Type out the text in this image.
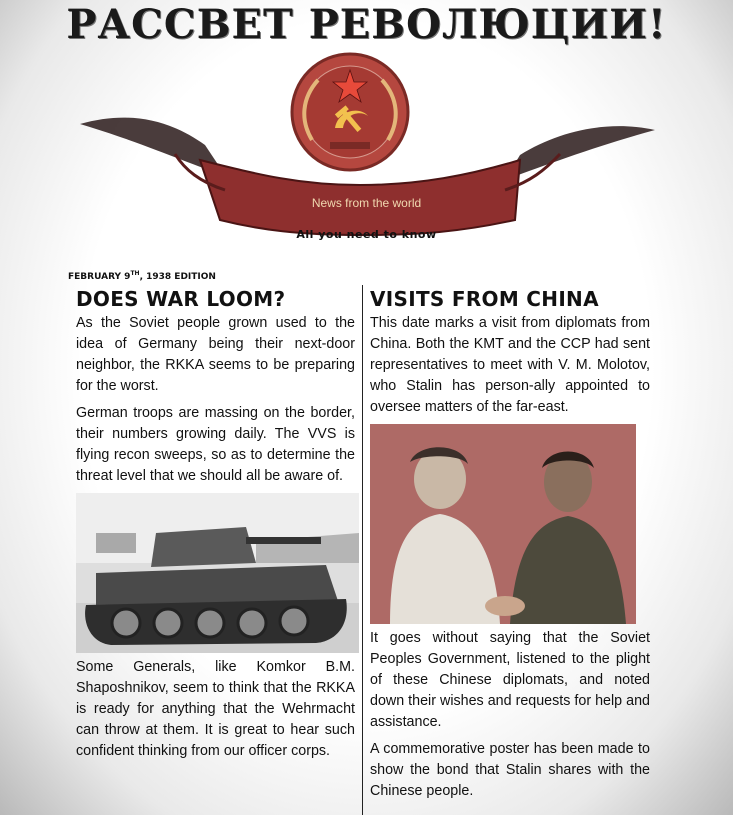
РАССВЕТ РЕВОЛЮЦИИ!
News from the world
All you need to know
FEBRUARY 9TH, 1938 EDITION
DOES WAR LOOM?

As the Soviet people grown used to the idea of Germany being their next-door neighbor, the RKKA seems to be preparing for the worst.

German troops are massing on the border, their numbers growing daily. The VVS is flying recon sweeps, so as to determine the threat level that we should all be aware of.

Some Generals, like Komkor B.M. Shaposhnikov, seem to think that the RKKA is ready for anything that the Wehrmacht can throw at them. It is great to hear such confident thinking from our officer corps.

VISITS FROM CHINA

This date marks a visit from diplomats from China. Both the KMT and the CCP had sent representatives to meet with V. M. Molotov, who Stalin has person-ally appointed to oversee matters of the far-east.

It goes without saying that the Soviet Peoples Government, listened to the plight of these Chinese diplomats, and noted down their wishes and requests for help and assistance.

A commemorative poster has been made to show the bond that Stalin shares with the Chinese people.
